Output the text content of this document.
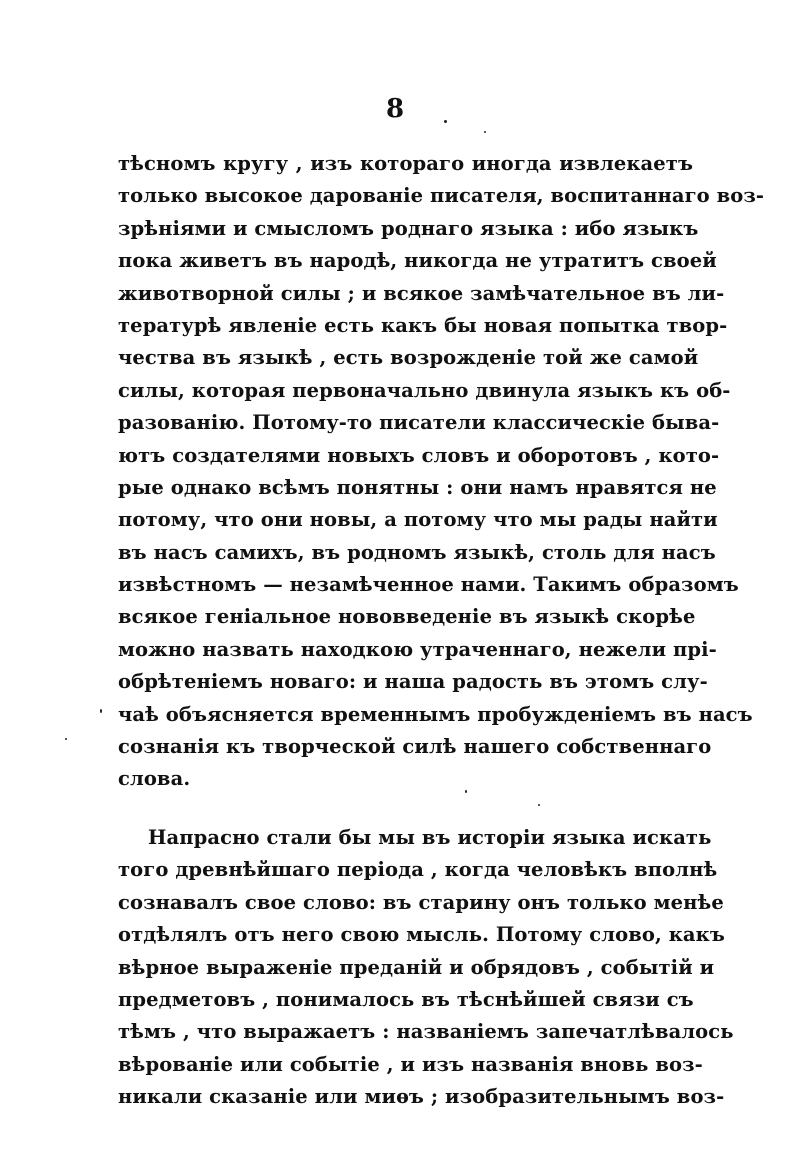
8
тѣсномъ кругу , изъ котораго иногда извлекаетъ
только высокое дарованіе писателя, воспитаннаго воз-
зрѣніями и смысломъ роднаго языка : ибо языкъ
пока живетъ въ народѣ, никогда не утратитъ своей
животворной силы ; и всякое замѣчательное въ ли-
тературѣ явленіе есть какъ бы новая попытка твор-
чества въ языкѣ , есть возрожденіе той же самой
силы, которая первоначально двинула языкъ къ об-
разованію. Потому-то писатели классическіе быва-
ютъ создателями новыхъ словъ и оборотовъ , кото-
рые однако всѣмъ понятны : они намъ нравятся не
потому, что они новы, а потому что мы рады найти
въ насъ самихъ, въ родномъ языкѣ, столь для насъ
извѣстномъ — незамѣченное нами. Такимъ образомъ
всякое геніальное нововведеніе въ языкѣ скорѣе
можно назвать находкою утраченнаго, нежели прі-
обрѣтеніемъ новаго: и наша радость въ этомъ слу-
чаѣ объясняется временнымъ пробужденіемъ въ насъ
сознанія къ творческой силѣ нашего собственнаго
слова.
Напрасно стали бы мы въ исторіи языка искать
того древнѣйшаго періода , когда человѣкъ вполнѣ
сознавалъ свое слово: въ старину онъ только менѣе
отдѣлялъ отъ него свою мысль. Потому слово, какъ
вѣрное выраженіе преданій и обрядовъ , событій и
предметовъ , понималось въ тѣснѣйшей связи съ
тѣмъ , что выражаетъ : названіемъ запечатлѣвалось
вѣрованіе или событіе , и изъ названія вновь воз-
никали сказаніе или миѳъ ; изобразительнымъ воз-
